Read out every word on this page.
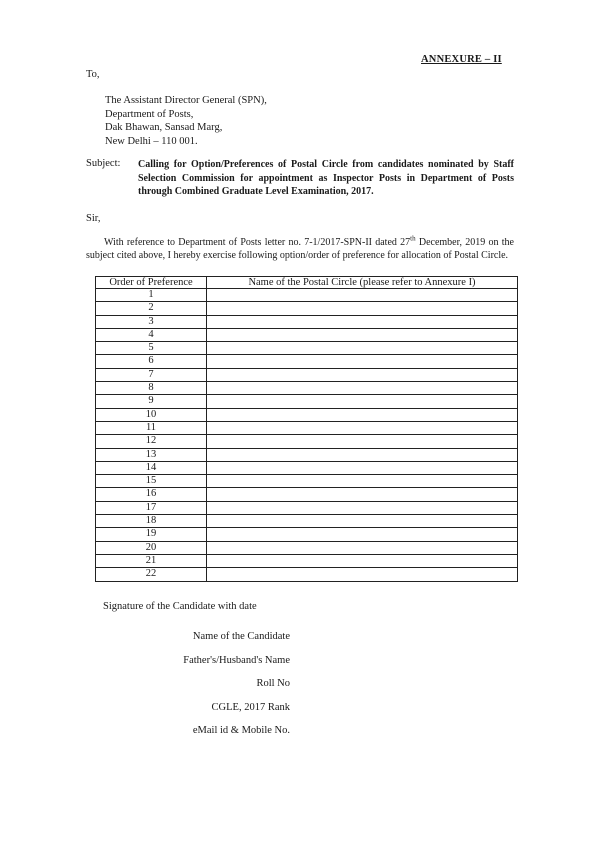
ANNEXURE – II
To,
The Assistant Director General (SPN),
Department of Posts,
Dak Bhawan, Sansad Marg,
New Delhi – 110 001.
Subject: Calling for Option/Preferences of Postal Circle from candidates nominated by Staff Selection Commission for appointment as Inspector Posts in Department of Posts through Combined Graduate Level Examination, 2017.
Sir,
With reference to Department of Posts letter no. 7-1/2017-SPN-II dated 27th December, 2019 on the subject cited above, I hereby exercise following option/order of preference for allocation of Postal Circle.
Order of Preference	Name of the Postal Circle (please refer to Annexure I)
1	
2	
3	
4	
5	
6	
7	
8	
9	
10	
11	
12	
13	
14	
15	
16	
17	
18	
19	
20	
21	
22	
Signature of the Candidate with date
Name of the Candidate
Father's/Husband's Name
Roll No
CGLE, 2017 Rank
eMail id & Mobile No.
